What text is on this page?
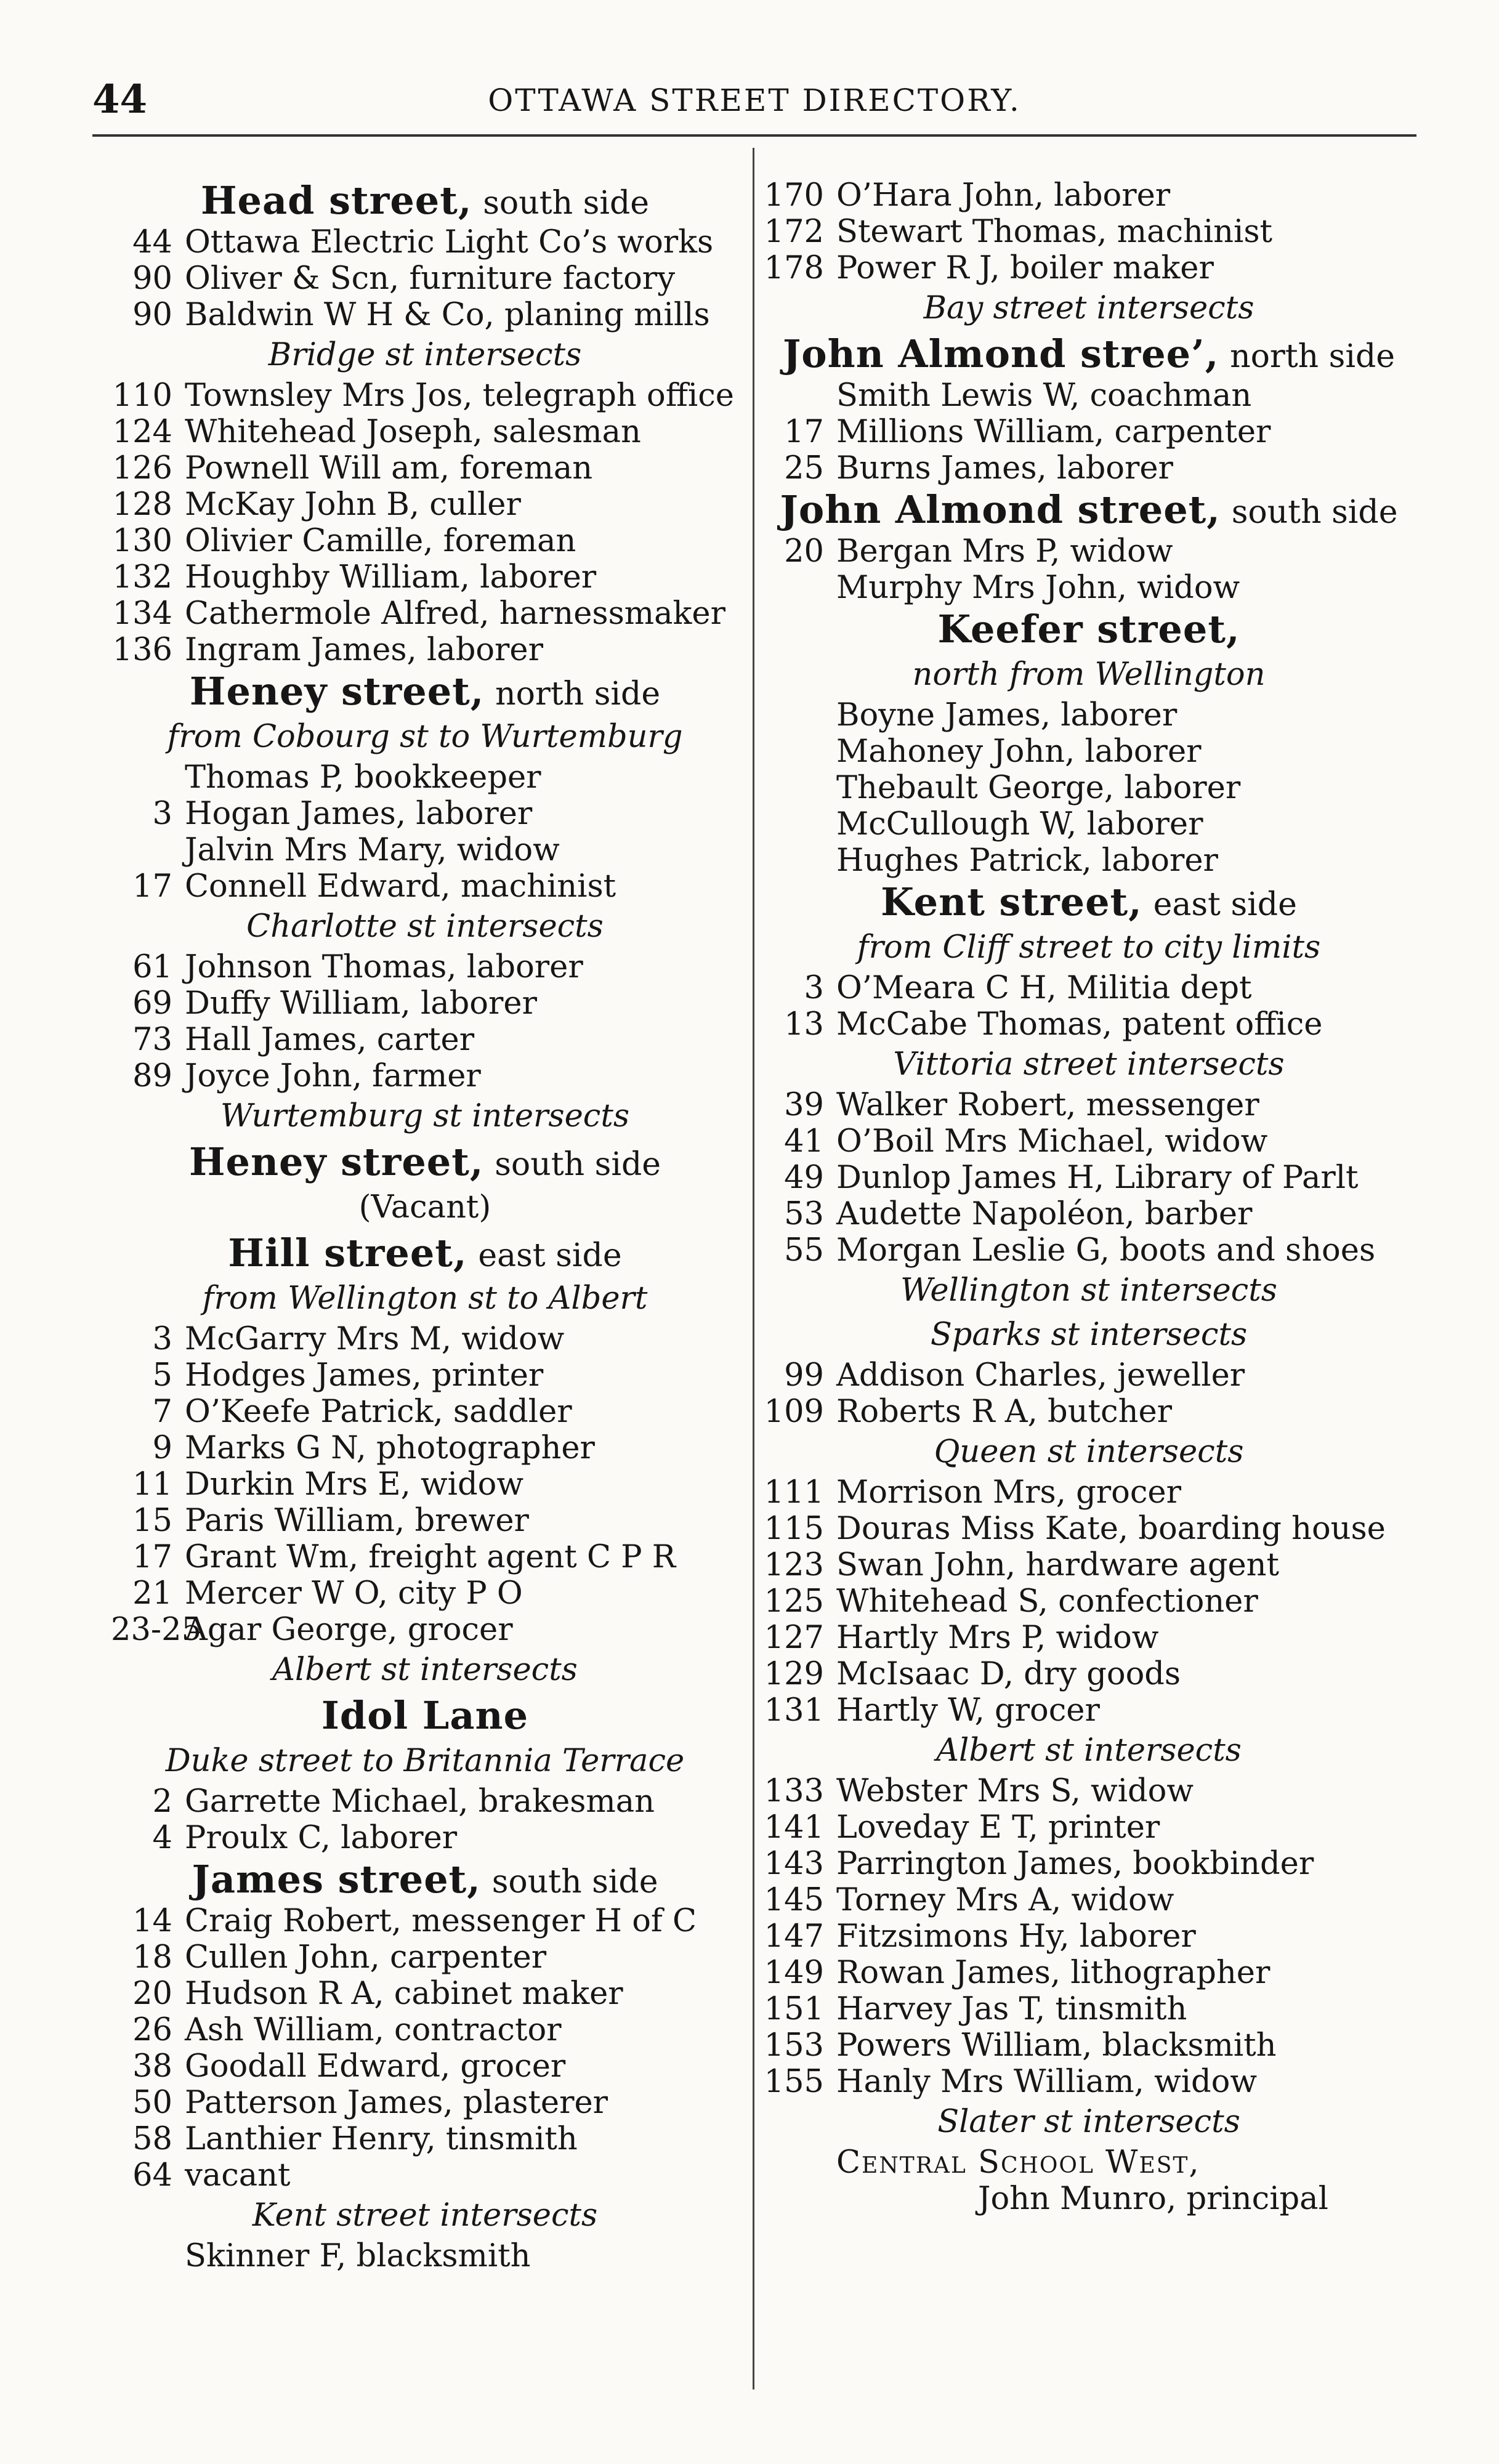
44	OTTAWA STREET DIRECTORY.
Head street, south side
44 Ottawa Electric Light Co’s works
90 Oliver & Scn, furniture factory
90 Baldwin W H & Co, planing mills
Bridge st intersects
110 Townsley Mrs Jos, telegraph office
124 Whitehead Joseph, salesman
126 Pownell Will am, foreman
128 McKay John B, culler
130 Olivier Camille, foreman
132 Houghby William, laborer
134 Cathermole Alfred, harnessmaker
136 Ingram James, laborer
Heney street, north side
from Cobourg st to Wurtemburg
Thomas P, bookkeeper
3 Hogan James, laborer
Jalvin Mrs Mary, widow
17 Connell Edward, machinist
Charlotte st intersects
61 Johnson Thomas, laborer
69 Duffy William, laborer
73 Hall James, carter
89 Joyce John, farmer
Wurtemburg st intersects
Heney street, south side
(Vacant)
Hill street, east side
from Wellington st to Albert
3 McGarry Mrs M, widow
5 Hodges James, printer
7 O’Keefe Patrick, saddler
9 Marks G N, photographer
11 Durkin Mrs E, widow
15 Paris William, brewer
17 Grant Wm, freight agent C P R
21 Mercer W O, city P O
23-25
Agar George, grocer
Albert st intersects
Idol Lane
Duke street to Britannia Terrace
2 Garrette Michael, brakesman
4 Proulx C, laborer
James street, south side
14 Craig Robert, messenger H of C
18 Cullen John, carpenter
20 Hudson R A, cabinet maker
26 Ash William, contractor
38 Goodall Edward, grocer
50 Patterson James, plasterer
58 Lanthier Henry, tinsmith
64 vacant
Kent street intersects
Skinner F, blacksmith
170 O’Hara John, laborer
172 Stewart Thomas, machinist
178 Power R J, boiler maker
Bay street intersects
John Almond stree’, north side
Smith Lewis W, coachman
17 Millions William, carpenter
25 Burns James, laborer
John Almond street, south side
20 Bergan Mrs P, widow
Murphy Mrs John, widow
Keefer street,
north from Wellington
Boyne James, laborer
Mahoney John, laborer
Thebault George, laborer
McCullough W, laborer
Hughes Patrick, laborer
Kent street, east side
from Cliff street to city limits
3 O’Meara C H, Militia dept
13 McCabe Thomas, patent office
Vittoria street intersects
39 Walker Robert, messenger
41 O’Boil Mrs Michael, widow
49 Dunlop James H, Library of Parlt
53 Audette Napoléon, barber
55 Morgan Leslie G, boots and shoes
Wellington st intersects
Sparks st intersects
99 Addison Charles, jeweller
109 Roberts R A, butcher
Queen st intersects
111 Morrison Mrs, grocer
115 Douras Miss Kate, boarding house
123 Swan John, hardware agent
125 Whitehead S, confectioner
127 Hartly Mrs P, widow
129 McIsaac D, dry goods
131 Hartly W, grocer
Albert st intersects
133 Webster Mrs S, widow
141 Loveday E T, printer
143 Parrington James, bookbinder
145 Torney Mrs A, widow
147 Fitzsimons Hy, laborer
149 Rowan James, lithographer
151 Harvey Jas T, tinsmith
153 Powers William, blacksmith
155 Hanly Mrs William, widow
Slater st intersects
Central School West,
John Munro, principal
